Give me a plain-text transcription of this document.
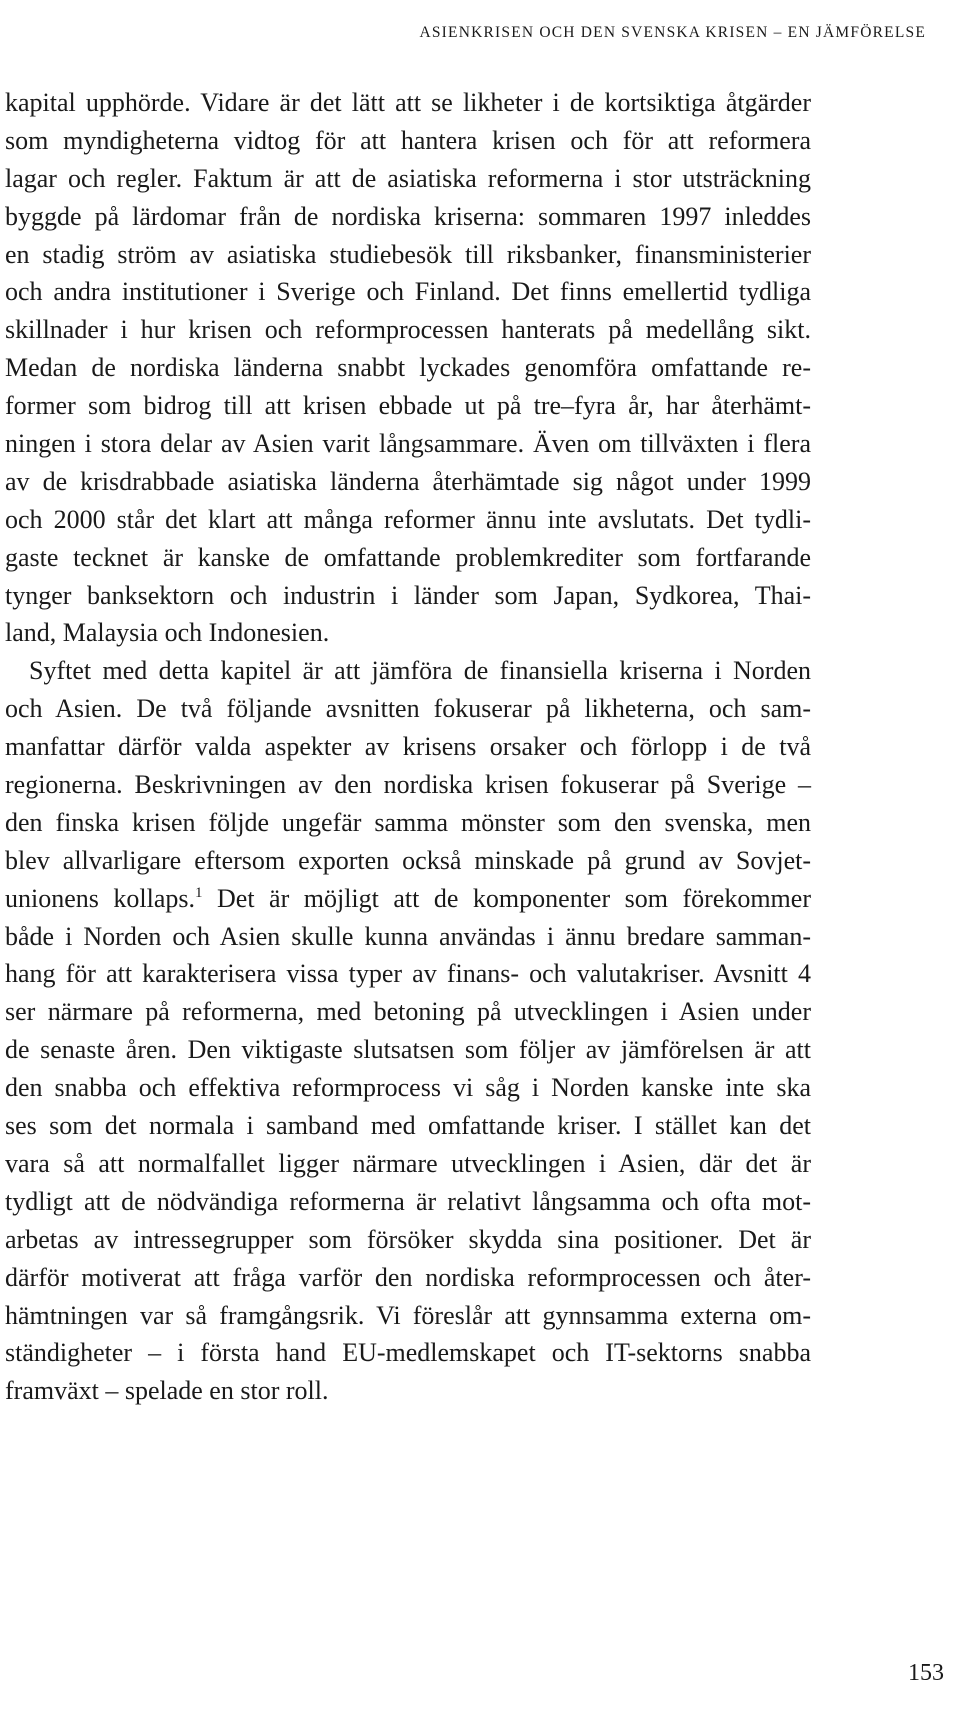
ASIENKRISEN OCH DEN SVENSKA KRISEN – EN JÄMFÖRELSE
kapital upphörde. Vidare är det lätt att se likheter i de kortsiktiga åtgärder
som myndigheterna vidtog för att hantera krisen och för att reformera
lagar och regler. Faktum är att de asiatiska reformerna i stor utsträckning
byggde på lärdomar från de nordiska kriserna: sommaren 1997 inleddes
en stadig ström av asiatiska studiebesök till riksbanker, finansministerier
och andra institutioner i Sverige och Finland. Det finns emellertid tydliga
skillnader i hur krisen och reformprocessen hanterats på medellång sikt.
Medan de nordiska länderna snabbt lyckades genomföra omfattande re-
former som bidrog till att krisen ebbade ut på tre–fyra år, har återhämt-
ningen i stora delar av Asien varit långsammare. Även om tillväxten i flera
av de krisdrabbade asiatiska länderna återhämtade sig något under 1999
och 2000 står det klart att många reformer ännu inte avslutats. Det tydli-
gaste tecknet är kanske de omfattande problemkrediter som fortfarande
tynger banksektorn och industrin i länder som Japan, Sydkorea, Thai-
land, Malaysia och Indonesien.
Syftet med detta kapitel är att jämföra de finansiella kriserna i Norden
och Asien. De två följande avsnitten fokuserar på likheterna, och sam-
manfattar därför valda aspekter av krisens orsaker och förlopp i de två
regionerna. Beskrivningen av den nordiska krisen fokuserar på Sverige –
den finska krisen följde ungefär samma mönster som den svenska, men
blev allvarligare eftersom exporten också minskade på grund av Sovjet-
unionens kollaps.$^1$ Det är möjligt att de komponenter som förekommer
både i Norden och Asien skulle kunna användas i ännu bredare samman-
hang för att karakterisera vissa typer av finans- och valutakriser. Avsnitt 4
ser närmare på reformerna, med betoning på utvecklingen i Asien under
de senaste åren. Den viktigaste slutsatsen som följer av jämförelsen är att
den snabba och effektiva reformprocess vi såg i Norden kanske inte ska
ses som det normala i samband med omfattande kriser. I stället kan det
vara så att normalfallet ligger närmare utvecklingen i Asien, där det är
tydligt att de nödvändiga reformerna är relativt långsamma och ofta mot-
arbetas av intressegrupper som försöker skydda sina positioner. Det är
därför motiverat att fråga varför den nordiska reformprocessen och åter-
hämtningen var så framgångsrik. Vi föreslår att gynnsamma externa om-
ständigheter – i första hand EU-medlemskapet och IT-sektorns snabba
framväxt – spelade en stor roll.
153
